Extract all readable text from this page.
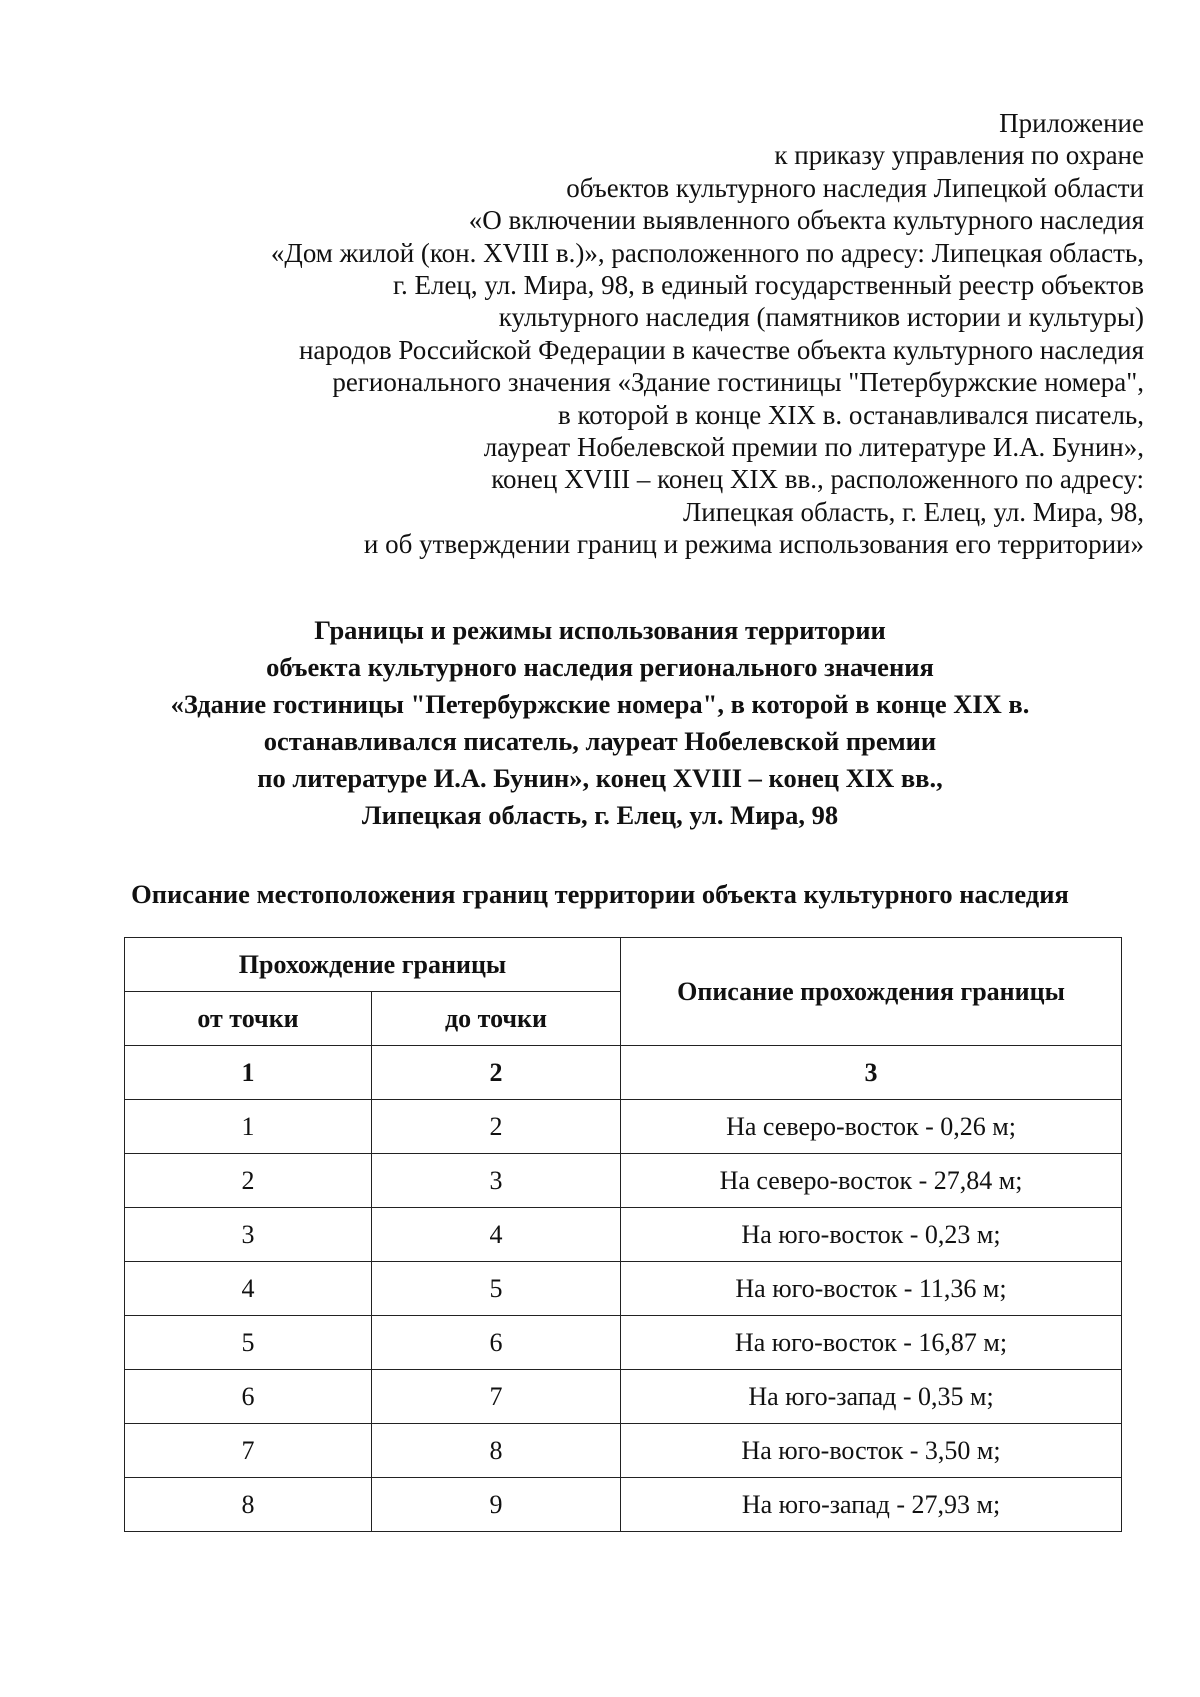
Приложение
к приказу управления по охране
объектов культурного наследия Липецкой области
«О включении выявленного объекта культурного наследия
«Дом жилой (кон. XVIII в.)», расположенного по адресу: Липецкая область,
г. Елец, ул. Мира, 98, в единый государственный реестр объектов
культурного наследия (памятников истории и культуры)
народов Российской Федерации в качестве объекта культурного наследия
регионального значения «Здание гостиницы "Петербуржские номера",
в которой в конце XIX в. останавливался писатель,
лауреат Нобелевской премии по литературе И.А. Бунин»,
конец XVIII – конец XIX вв., расположенного по адресу:
Липецкая область, г. Елец, ул. Мира, 98,
и об утверждении границ и режима использования его территории»
Границы и режимы использования территории
объекта культурного наследия регионального значения
«Здание гостиницы "Петербуржские номера", в которой в конце XIX в.
останавливался писатель, лауреат Нобелевской премии
по литературе И.А. Бунин», конец XVIII – конец XIX вв.,
Липецкая область, г. Елец, ул. Мира, 98
Описание местоположения границ территории объекта культурного наследия
Прохождение границы		Описание прохождения границы
от точки	до точки	
1	2	3
1	2	На северо-восток - 0,26 м;
2	3	На северо-восток - 27,84 м;
3	4	На юго-восток - 0,23 м;
4	5	На юго-восток - 11,36 м;
5	6	На юго-восток - 16,87 м;
6	7	На юго-запад - 0,35 м;
7	8	На юго-восток - 3,50 м;
8	9	На юго-запад - 27,93 м;
